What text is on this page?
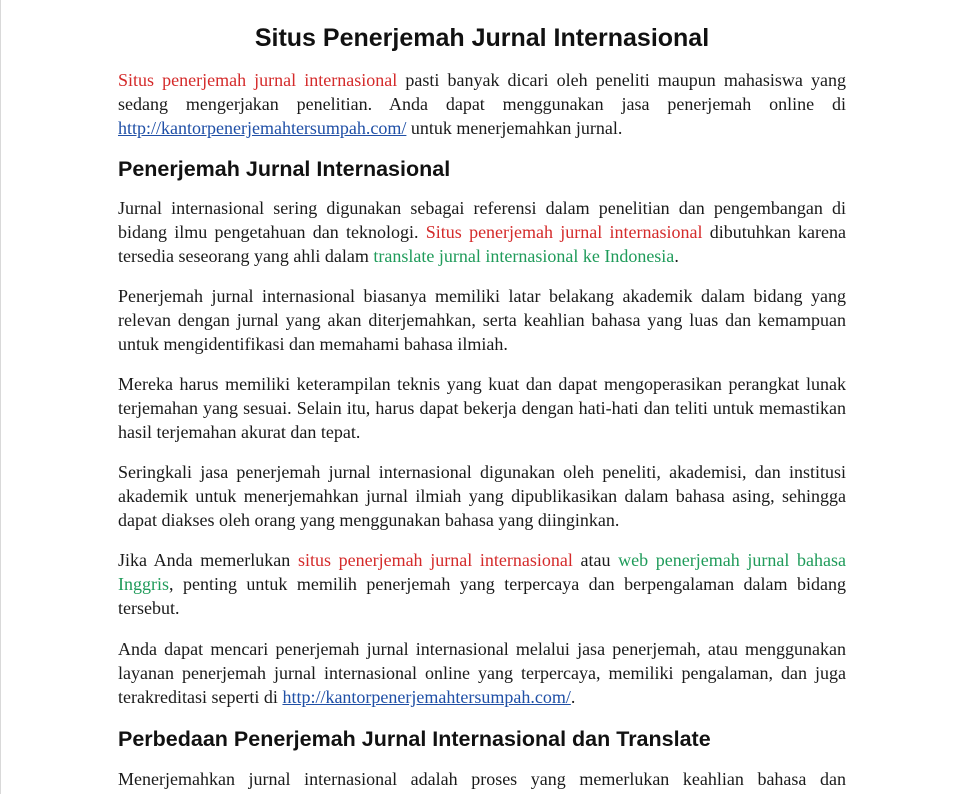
Situs Penerjemah Jurnal Internasional

Situs penerjemah jurnal internasional pasti banyak dicari oleh peneliti maupun mahasiswa yang sedang mengerjakan penelitian. Anda dapat menggunakan jasa penerjemah online di http://kantorpenerjemahtersumpah.com/ untuk menerjemahkan jurnal.

Penerjemah Jurnal Internasional

Jurnal internasional sering digunakan sebagai referensi dalam penelitian dan pengembangan di bidang ilmu pengetahuan dan teknologi. Situs penerjemah jurnal internasional dibutuhkan karena tersedia seseorang yang ahli dalam translate jurnal internasional ke Indonesia.

Penerjemah jurnal internasional biasanya memiliki latar belakang akademik dalam bidang yang relevan dengan jurnal yang akan diterjemahkan, serta keahlian bahasa yang luas dan kemampuan untuk mengidentifikasi dan memahami bahasa ilmiah.

Mereka harus memiliki keterampilan teknis yang kuat dan dapat mengoperasikan perangkat lunak terjemahan yang sesuai. Selain itu, harus dapat bekerja dengan hati-hati dan teliti untuk memastikan hasil terjemahan akurat dan tepat.

Seringkali jasa penerjemah jurnal internasional digunakan oleh peneliti, akademisi, dan institusi akademik untuk menerjemahkan jurnal ilmiah yang dipublikasikan dalam bahasa asing, sehingga dapat diakses oleh orang yang menggunakan bahasa yang diinginkan.

Jika Anda memerlukan situs penerjemah jurnal internasional atau web penerjemah jurnal bahasa Inggris, penting untuk memilih penerjemah yang terpercaya dan berpengalaman dalam bidang tersebut.

Anda dapat mencari penerjemah jurnal internasional melalui jasa penerjemah, atau menggunakan layanan penerjemah jurnal internasional online yang terpercaya, memiliki pengalaman, dan juga terakreditasi seperti di http://kantorpenerjemahtersumpah.com/.

Perbedaan Penerjemah Jurnal Internasional dan Translate

Menerjemahkan jurnal internasional adalah proses yang memerlukan keahlian bahasa dan
